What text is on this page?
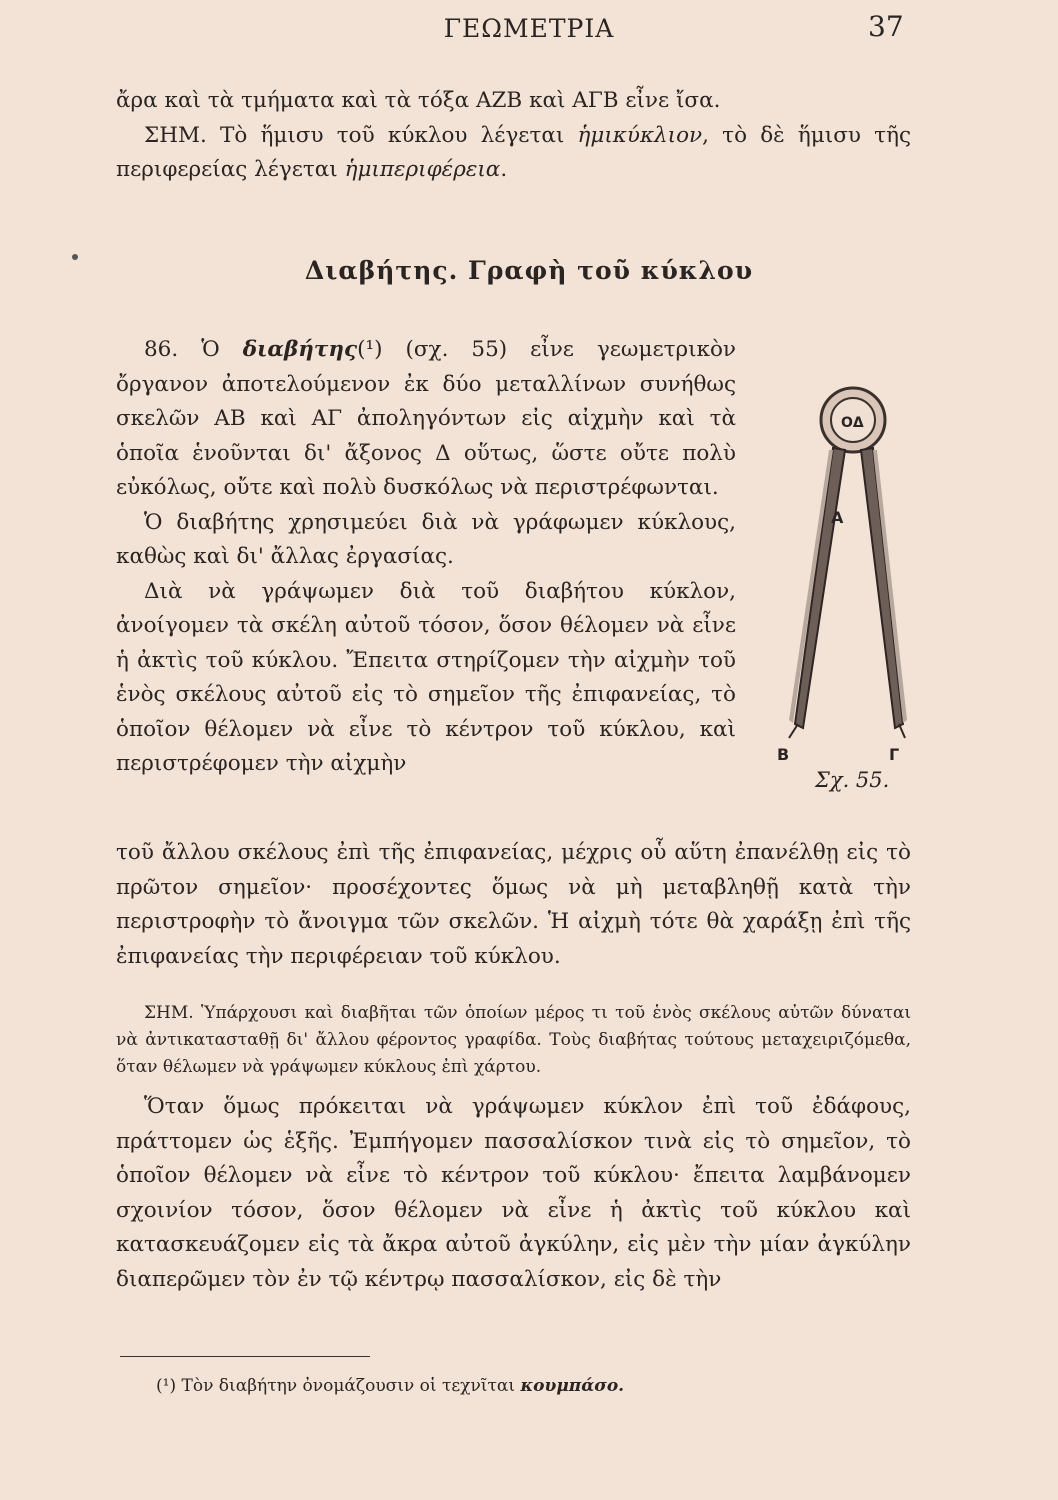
ΓΕΩΜΕΤΡΙΑ	37

ἄρα καὶ τὰ τμήματα καὶ τὰ τόξα ΑΖΒ καὶ ΑΓΒ εἶνε ἴσα.

ΣΗΜ. Τὸ ἥμισυ τοῦ κύκλου λέγεται ἡμικύκλιον, τὸ δὲ ἥμισυ τῆς περιφερείας λέγεται ἡμιπεριφέρεια.

Διαβήτης. Γραφὴ τοῦ κύκλου

86. Ὁ διαβήτης(¹) (σχ. 55) εἶνε γεωμετρικὸν ὄργανον ἀποτελούμενον ἐκ δύο μεταλλίνων συνήθως σκελῶν ΑΒ καὶ ΑΓ ἀποληγόντων εἰς αἰχμὴν καὶ τὰ ὁποῖα ἑνοῦνται δι' ἄξονος Δ οὕτως, ὥστε οὔτε πολὺ εὐκόλως, οὔτε καὶ πολὺ δυσκόλως νὰ περιστρέφωνται.

Ὁ διαβήτης χρησιμεύει διὰ νὰ γράφωμεν κύκλους, καθὼς καὶ δι' ἄλλας ἐργασίας.

Διὰ νὰ γράψωμεν διὰ τοῦ διαβήτου κύκλον, ἀνοίγομεν τὰ σκέλη αὐτοῦ τόσον, ὅσον θέλομεν νὰ εἶνε ἡ ἀκτὶς τοῦ κύκλου. Ἔπειτα στηρίζομεν τὴν αἰχμὴν τοῦ ἑνὸς σκέλους αὐτοῦ εἰς τὸ σημεῖον τῆς ἐπιφανείας, τὸ ὁποῖον θέλομεν νὰ εἶνε τὸ κέντρον τοῦ κύκλου, καὶ περιστρέφομεν τὴν αἰχμὴν

τοῦ ἄλλου σκέλους ἐπὶ τῆς ἐπιφανείας, μέχρις οὗ αὕτη ἐπανέλθῃ εἰς τὸ πρῶτον σημεῖον· προσέχοντες ὅμως νὰ μὴ μεταβληθῇ κατὰ τὴν περιστροφὴν τὸ ἄνοιγμα τῶν σκελῶν. Ἡ αἰχμὴ τότε θὰ χαράξῃ ἐπὶ τῆς ἐπιφανείας τὴν περιφέρειαν τοῦ κύκλου.

ΣΗΜ. Ὑπάρχουσι καὶ διαβῆται τῶν ὁποίων μέρος τι τοῦ ἑνὸς σκέλους αὐτῶν δύναται νὰ ἀντικατασταθῇ δι' ἄλλου φέροντος γραφίδα. Τοὺς διαβήτας τούτους μεταχειριζόμεθα, ὅταν θέλωμεν νὰ γράψωμεν κύκλους ἐπὶ χάρτου.

Ὅταν ὅμως πρόκειται νὰ γράψωμεν κύκλον ἐπὶ τοῦ ἐδάφους, πράττομεν ὡς ἑξῆς. Ἐμπήγομεν πασσαλίσκον τινὰ εἰς τὸ σημεῖον, τὸ ὁποῖον θέλομεν νὰ εἶνε τὸ κέντρον τοῦ κύκλου· ἔπειτα λαμβάνομεν σχοινίον τόσον, ὅσον θέλομεν νὰ εἶνε ἡ ἀκτὶς τοῦ κύκλου καὶ κατασκευάζομεν εἰς τὰ ἄκρα αὐτοῦ ἀγκύλην, εἰς μὲν τὴν μίαν ἀγκύλην διαπερῶμεν τὸν ἐν τῷ κέντρῳ πασσαλίσκον, εἰς δὲ τὴν

ΟΔ
Α
Β	Γ
Σχ. 55.
(¹) Τὸν διαβήτην ὀνομάζουσιν οἱ τεχνῖται κουμπάσο.
